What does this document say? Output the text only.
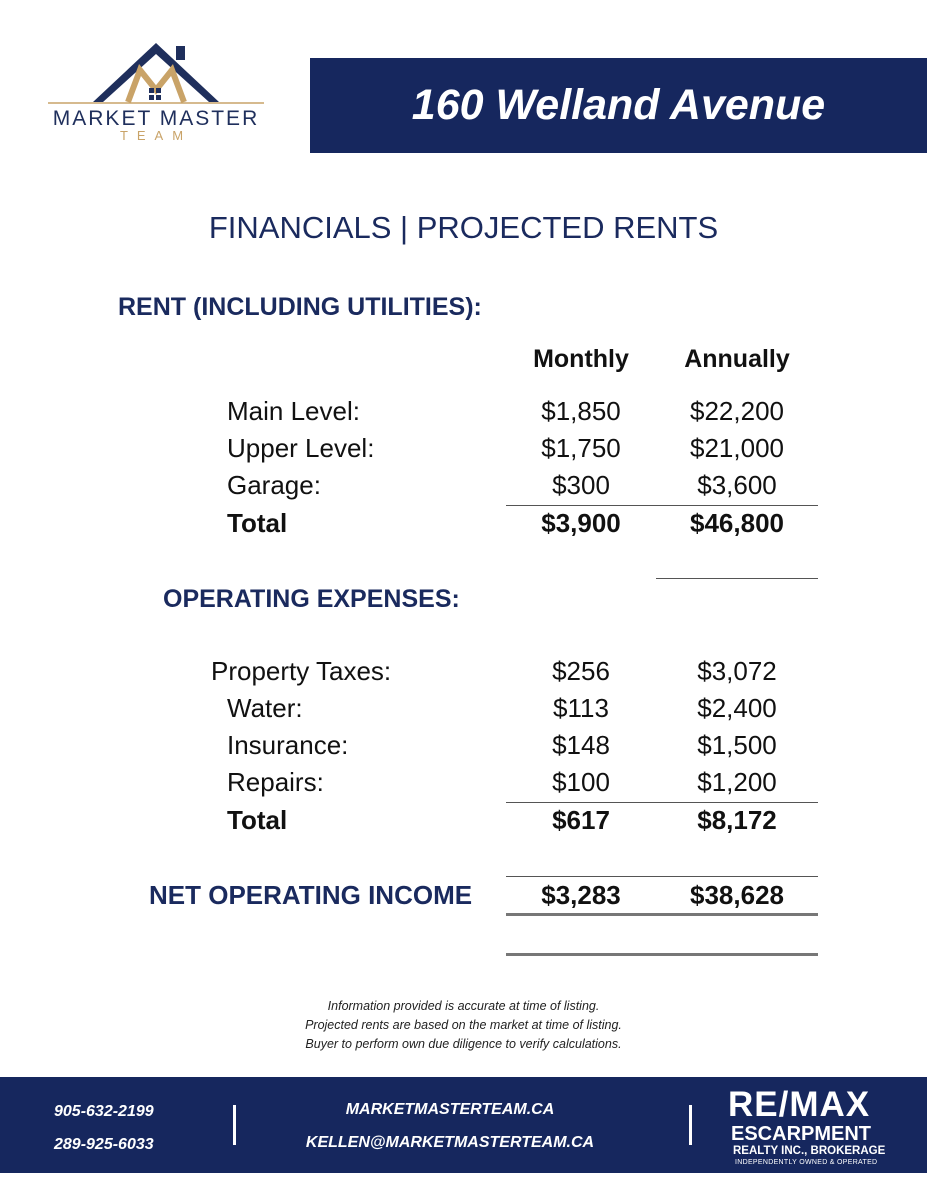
MARKET MASTER
TEAM
160 Welland Avenue
FINANCIALS | PROJECTED RENTS
RENT (INCLUDING UTILITIES):
Monthly	Annually
Main Level:	$1,850	$22,200
Upper Level:	$1,750	$21,000
Garage:	$300	$3,600
Total	$3,900	$46,800
OPERATING EXPENSES:
Property Taxes:	$256	$3,072
Water:	$113	$2,400
Insurance:	$148	$1,500
Repairs:	$100	$1,200
Total	$617	$8,172
NET OPERATING INCOME	$3,283	$38,628
Information provided is accurate at time of listing.
Projected rents are based on the market at time of listing.
Buyer to perform own due diligence to verify calculations.
905-632-2199
289-925-6033
MARKETMASTERTEAM.CA
KELLEN@MARKETMASTERTEAM.CA
RE/MAX
ESCARPMENT
REALTY INC., BROKERAGE
INDEPENDENTLY OWNED & OPERATED
